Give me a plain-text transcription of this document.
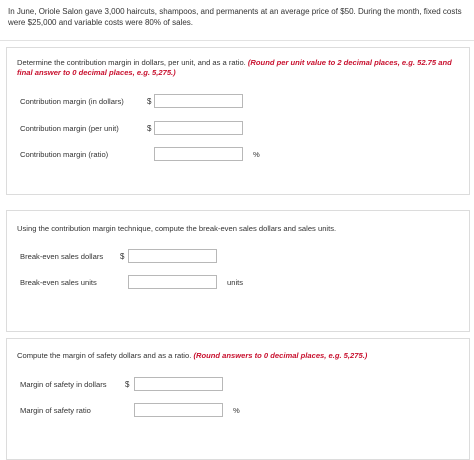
In June, Oriole Salon gave 3,000 haircuts, shampoos, and permanents at an average price of $50. During the month, fixed costs were $25,000 and variable costs were 80% of sales.
Determine the contribution margin in dollars, per unit, and as a ratio. (Round per unit value to 2 decimal places, e.g. 52.75 and final answer to 0 decimal places, e.g. 5,275.)
Contribution margin (in dollars)	$
Contribution margin (per unit)	$
Contribution margin (ratio)	%
Using the contribution margin technique, compute the break-even sales dollars and sales units.
Break-even sales dollars $
Break-even sales units	units
Compute the margin of safety dollars and as a ratio. (Round answers to 0 decimal places, e.g. 5,275.)
Margin of safety in dollars $
Margin of safety ratio	%
